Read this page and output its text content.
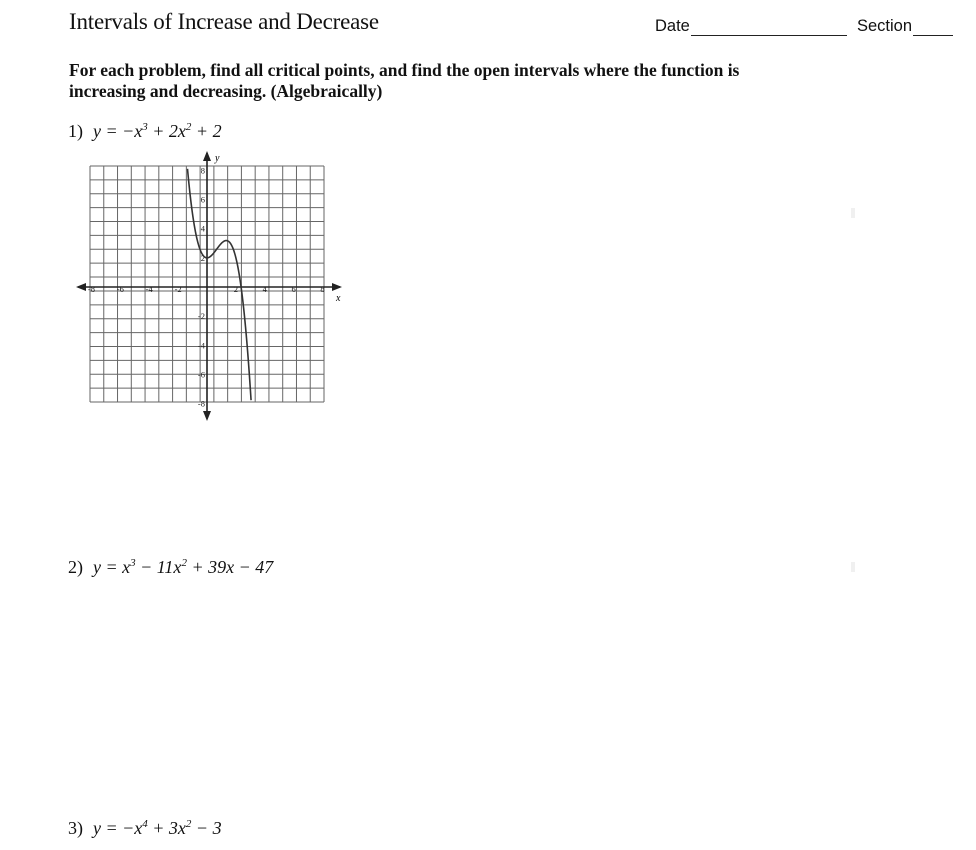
Intervals of Increase and Decrease	Date	Section
For each problem, find all critical points, and find the open intervals where the function is increasing and decreasing. (Algebraically)
1) $y = -x^3 + 2x^2 + 2$
-8	-6	-4	-2	2	4	6	8
8
6
4
2
-2
-4
-6
-8
x
y
2) $y = x^3 - 11x^2 + 39x - 47$
3) $y = -x^4 + 3x^2 - 3$
